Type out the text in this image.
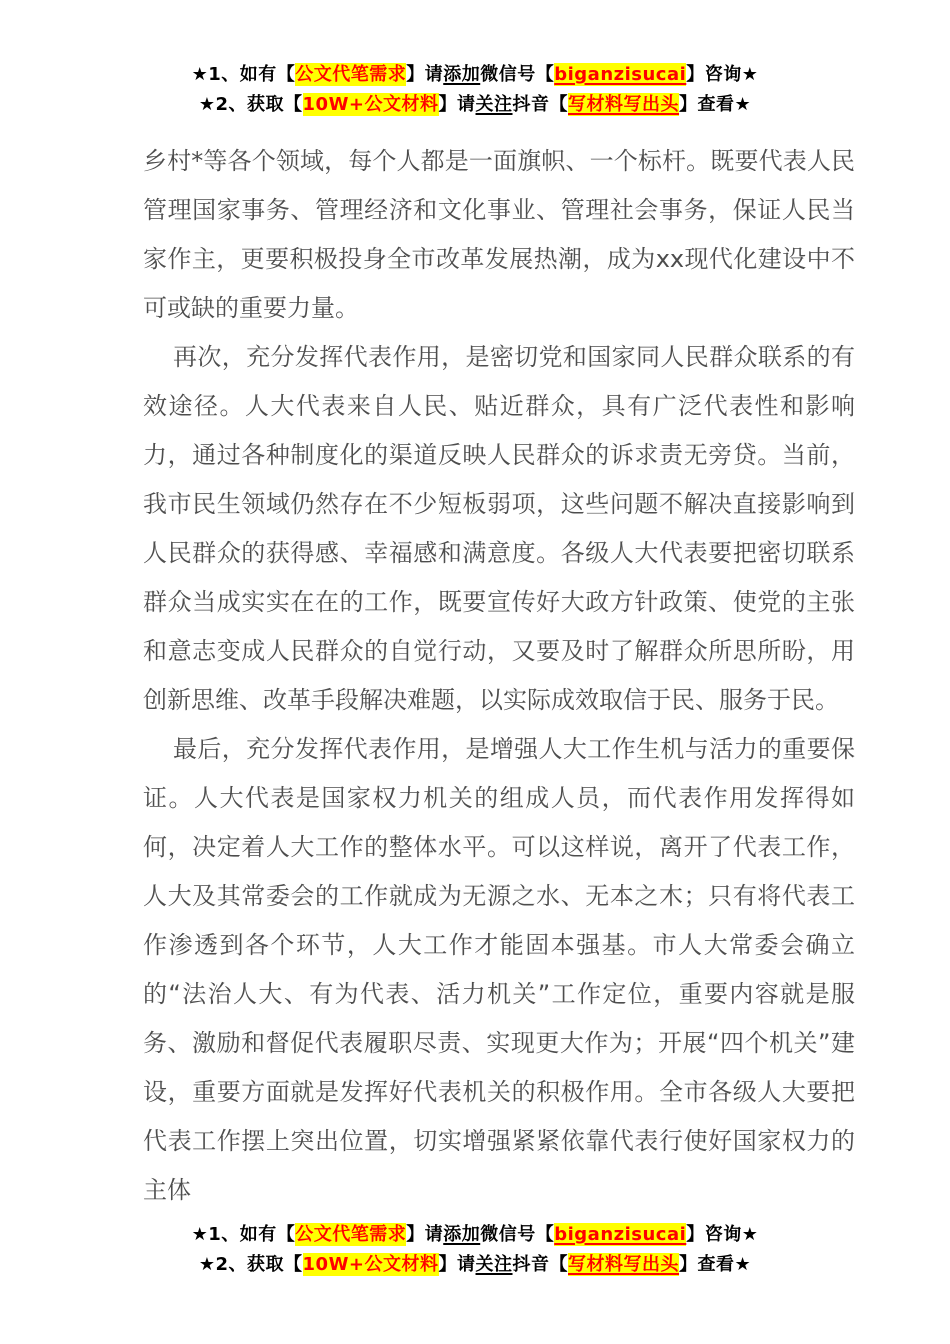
★1、如有【公文代笔需求】请添加微信号【biganzisucai】咨询★
★2、获取【10W+公文材料】请关注抖音【写材料写出头】查看★

乡村*等各个领域，每个人都是一面旗帜、一个标杆。既要代表人民管理国家事务、管理经济和文化事业、管理社会事务，保证人民当家作主，更要积极投身全市改革发展热潮，成为xx现代化建设中不可或缺的重要力量。

再次，充分发挥代表作用，是密切党和国家同人民群众联系的有效途径。人大代表来自人民、贴近群众，具有广泛代表性和影响力，通过各种制度化的渠道反映人民群众的诉求责无旁贷。当前，我市民生领域仍然存在不少短板弱项，这些问题不解决直接影响到人民群众的获得感、幸福感和满意度。各级人大代表要把密切联系群众当成实实在在的工作，既要宣传好大政方针政策、使党的主张和意志变成人民群众的自觉行动，又要及时了解群众所思所盼，用创新思维、改革手段解决难题，以实际成效取信于民、服务于民。

最后，充分发挥代表作用，是增强人大工作生机与活力的重要保证。人大代表是国家权力机关的组成人员，而代表作用发挥得如何，决定着人大工作的整体水平。可以这样说，离开了代表工作，人大及其常委会的工作就成为无源之水、无本之木；只有将代表工作渗透到各个环节，人大工作才能固本强基。市人大常委会确立的“法治人大、有为代表、活力机关”工作定位，重要内容就是服务、激励和督促代表履职尽责、实现更大作为；开展“四个机关”建设，重要方面就是发挥好代表机关的积极作用。全市各级人大要把代表工作摆上突出位置，切实增强紧紧依靠代表行使好国家权力的主体

★1、如有【公文代笔需求】请添加微信号【biganzisucai】咨询★
★2、获取【10W+公文材料】请关注抖音【写材料写出头】查看★
